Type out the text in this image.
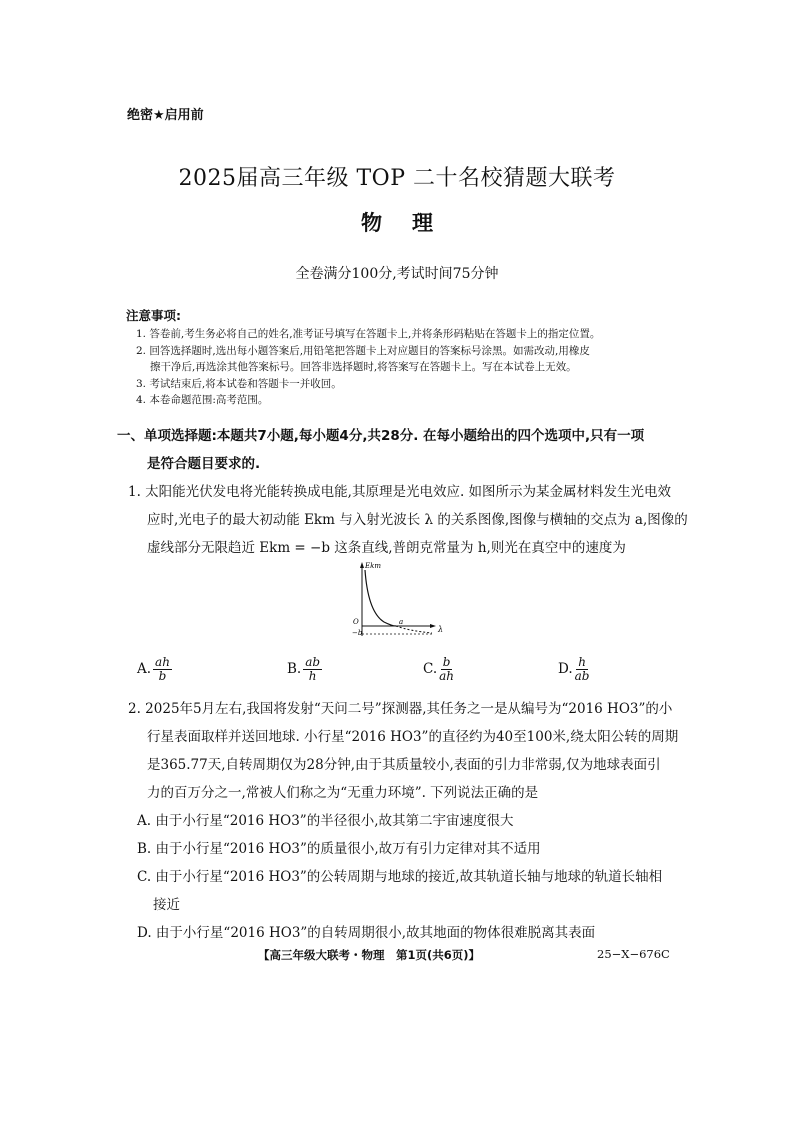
绝密★启用前
2025届高三年级 TOP 二十名校猜题大联考
物理
全卷满分100分,考试时间75分钟
注意事项:
1. 答卷前,考生务必将自己的姓名,准考证号填写在答题卡上,并将条形码粘贴在答题卡上的指定位置。
2. 回答选择题时,选出每小题答案后,用铅笔把答题卡上对应题目的答案标号涂黑。如需改动,用橡皮
擦干净后,再选涂其他答案标号。回答非选择题时,将答案写在答题卡上。写在本试卷上无效。
3. 考试结束后,将本试卷和答题卡一并收回。
4. 本卷命题范围:高考范围。
一、单项选择题:本题共7小题,每小题4分,共28分. 在每小题给出的四个选项中,只有一项
是符合题目要求的.
1. 太阳能光伏发电将光能转换成电能,其原理是光电效应. 如图所示为某金属材料发生光电效
应时,光电子的最大初动能 Ekm 与入射光波长 λ 的关系图像,图像与横轴的交点为 a,图像的
虚线部分无限趋近 Ekm = −b 这条直线,普朗克常量为 h,则光在真空中的速度为
Ekm
λ
O
−b
a
A. $\frac{ah}{b}$	B. $\frac{ab}{h}$	C. $\frac{b}{ah}$	D. $\frac{h}{ab}$
2. 2025年5月左右,我国将发射“天问二号”探测器,其任务之一是从编号为“2016 HO3”的小
行星表面取样并送回地球. 小行星“2016 HO3”的直径约为40至100米,绕太阳公转的周期
是365.77天,自转周期仅为28分钟,由于其质量较小,表面的引力非常弱,仅为地球表面引
力的百万分之一,常被人们称之为“无重力环境”. 下列说法正确的是
A. 由于小行星“2016 HO3”的半径很小,故其第二宇宙速度很大
B. 由于小行星“2016 HO3”的质量很小,故万有引力定律对其不适用
C. 由于小行星“2016 HO3”的公转周期与地球的接近,故其轨道长轴与地球的轨道长轴相
接近
D. 由于小行星“2016 HO3”的自转周期很小,故其地面的物体很难脱离其表面
【高三年级大联考・物理　第1页(共6页)】	25−X−676C
